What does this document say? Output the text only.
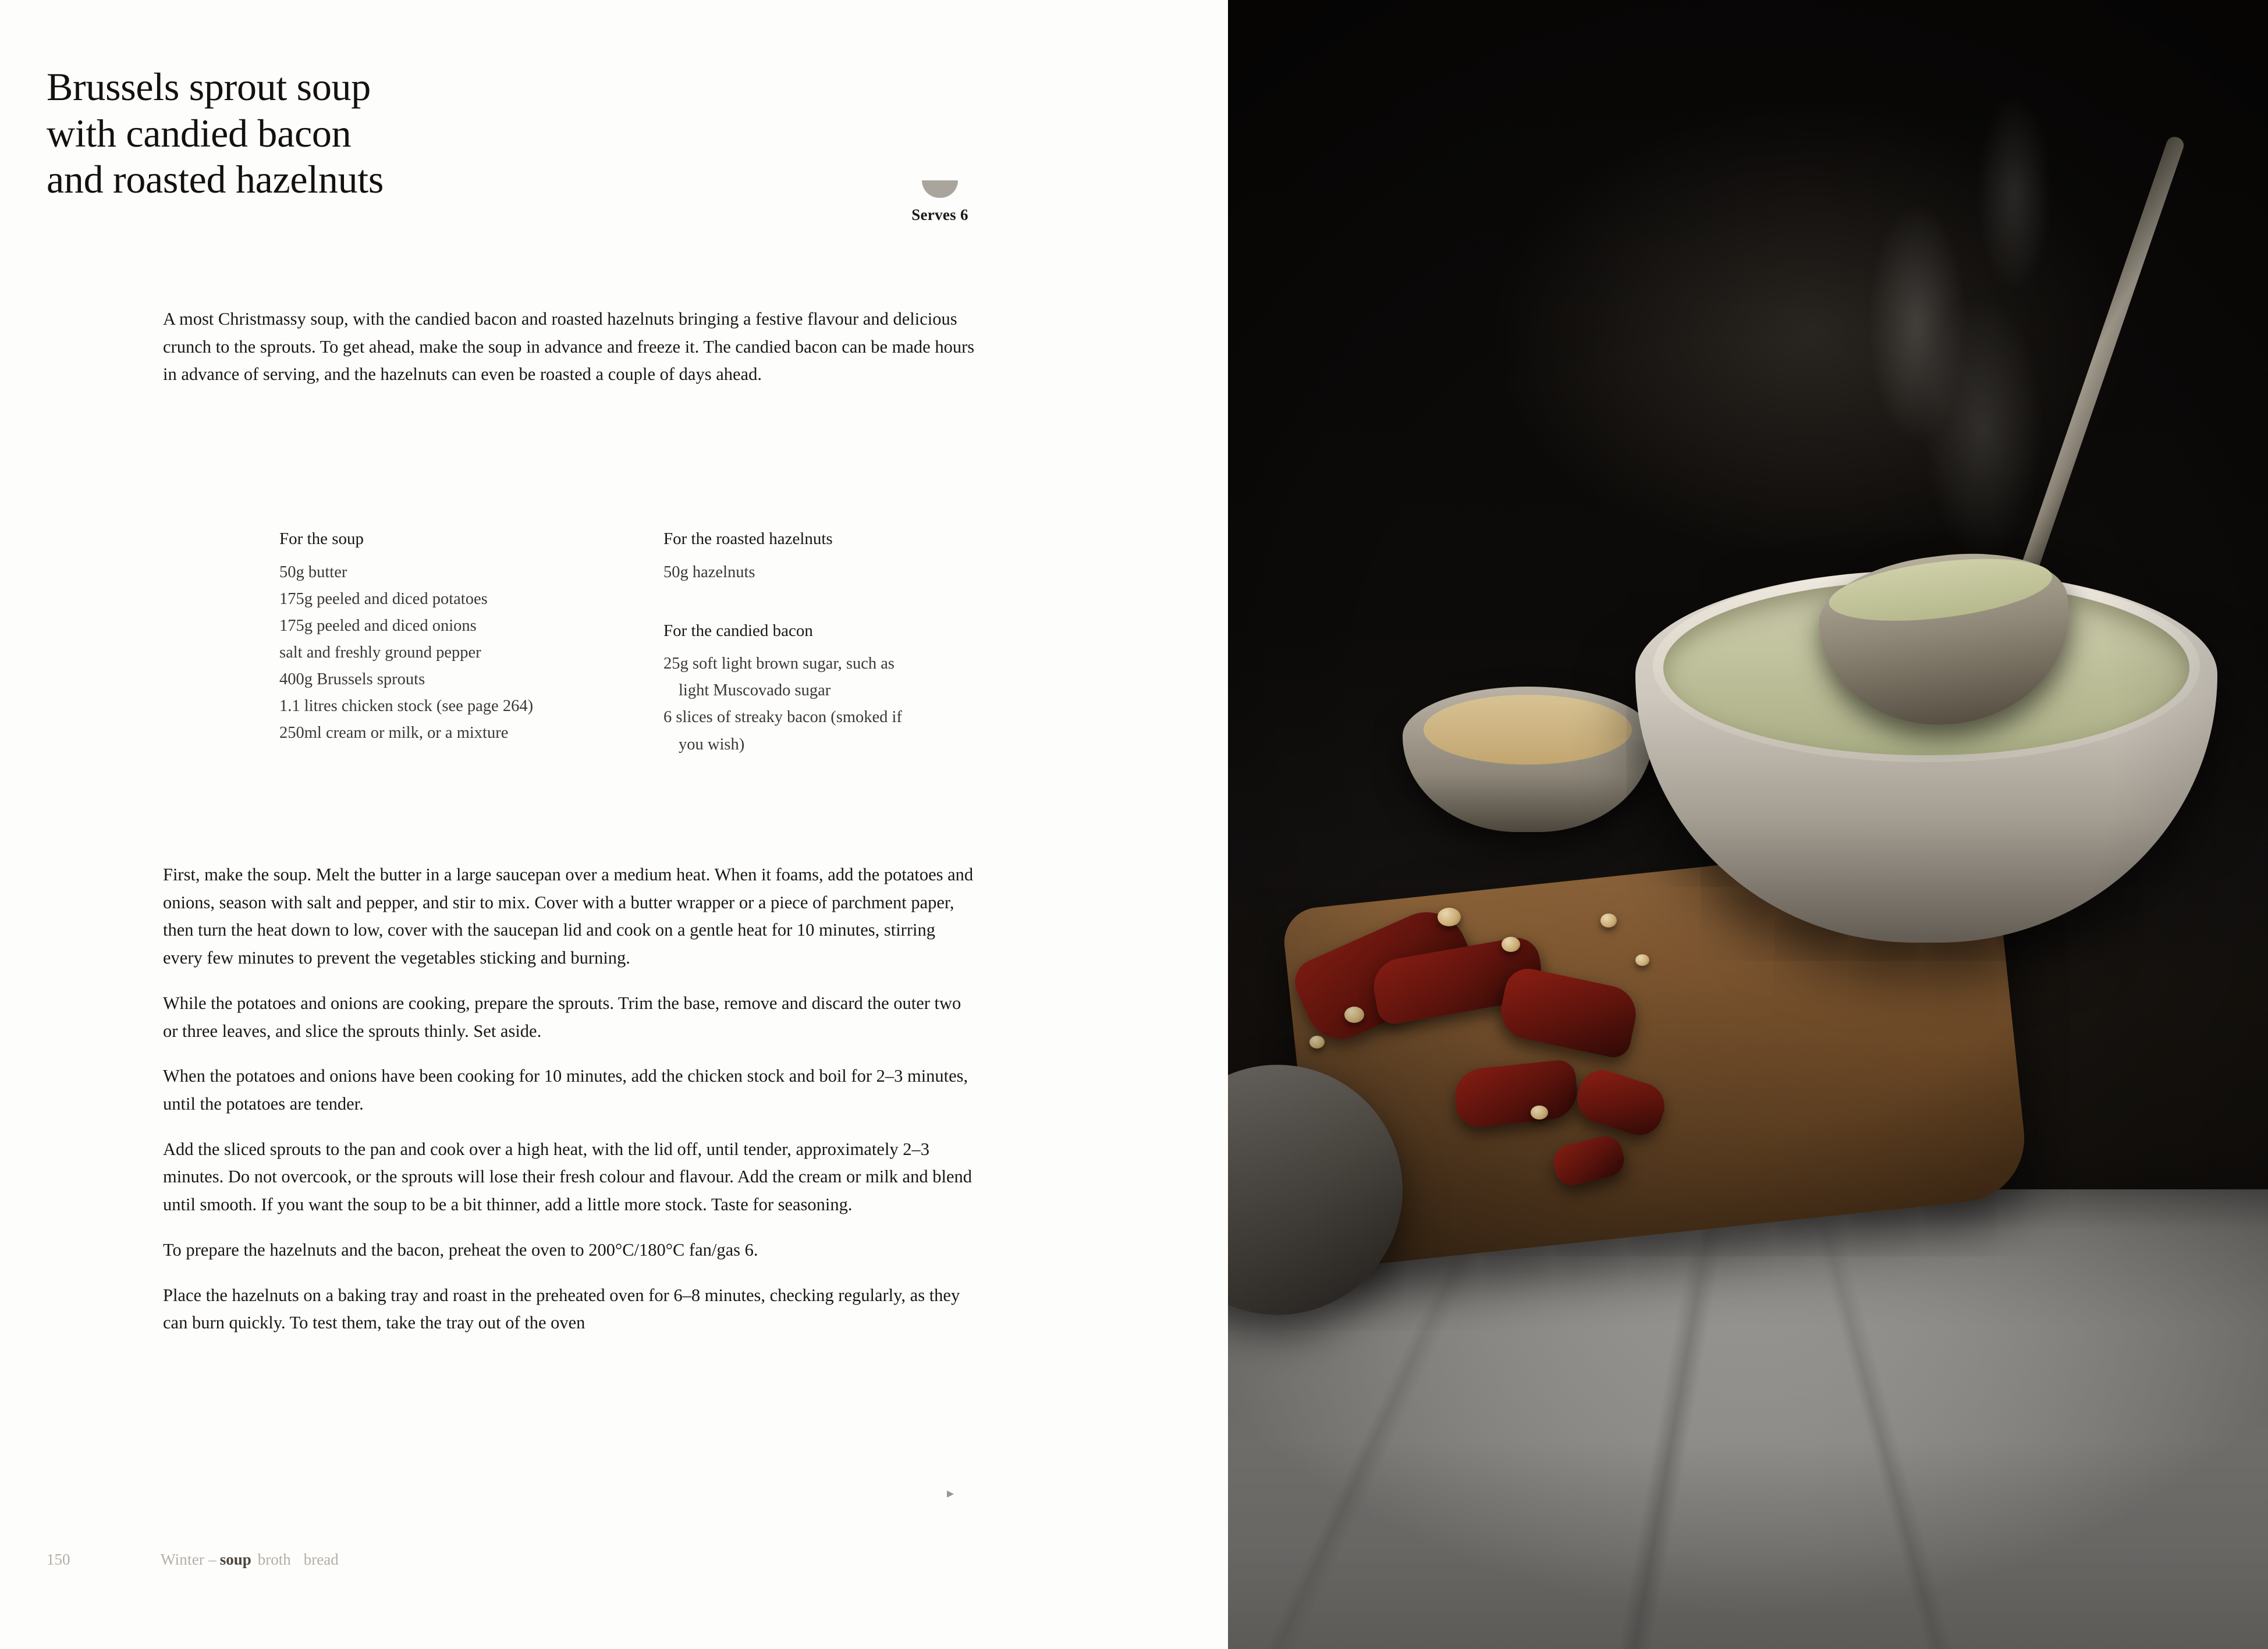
Brussels sprout soup
with candied bacon
and roasted hazelnuts
Serves 6

A most Christmassy soup, with the candied bacon and roasted hazelnuts bringing a festive flavour and delicious crunch to the sprouts. To get ahead, make the soup in advance and freeze it. The candied bacon can be made hours in advance of serving, and the hazelnuts can even be roasted a couple of days ahead.

For the soup
50g butter
175g peeled and diced potatoes
175g peeled and diced onions
salt and freshly ground pepper
400g Brussels sprouts
1.1 litres chicken stock (see page 264)
250ml cream or milk, or a mixture
For the roasted hazelnuts
50g hazelnuts
For the candied bacon
25g soft light brown sugar, such as
light Muscovado sugar
6 slices of streaky bacon (smoked if
you wish)

First, make the soup. Melt the butter in a large saucepan over a medium heat. When it foams, add the potatoes and onions, season with salt and pepper, and stir to mix. Cover with a butter wrapper or a piece of parchment paper, then turn the heat down to low, cover with the saucepan lid and cook on a gentle heat for 10 minutes, stirring every few minutes to prevent the vegetables sticking and burning.

While the potatoes and onions are cooking, prepare the sprouts. Trim the base, remove and discard the outer two or three leaves, and slice the sprouts thinly. Set aside.

When the potatoes and onions have been cooking for 10 minutes, add the chicken stock and boil for 2–3 minutes, until the potatoes are tender.

Add the sliced sprouts to the pan and cook over a high heat, with the lid off, until tender, approximately 2–3 minutes. Do not overcook, or the sprouts will lose their fresh colour and flavour. Add the cream or milk and blend until smooth. If you want the soup to be a bit thinner, add a little more stock. Taste for seasoning.

To prepare the hazelnuts and the bacon, preheat the oven to 200°C/180°C fan/gas 6.

Place the hazelnuts on a baking tray and roast in the preheated oven for 6–8 minutes, checking regularly, as they can burn quickly. To test them, take the tray out of the oven

▸
150	Winter – soup broth bread
